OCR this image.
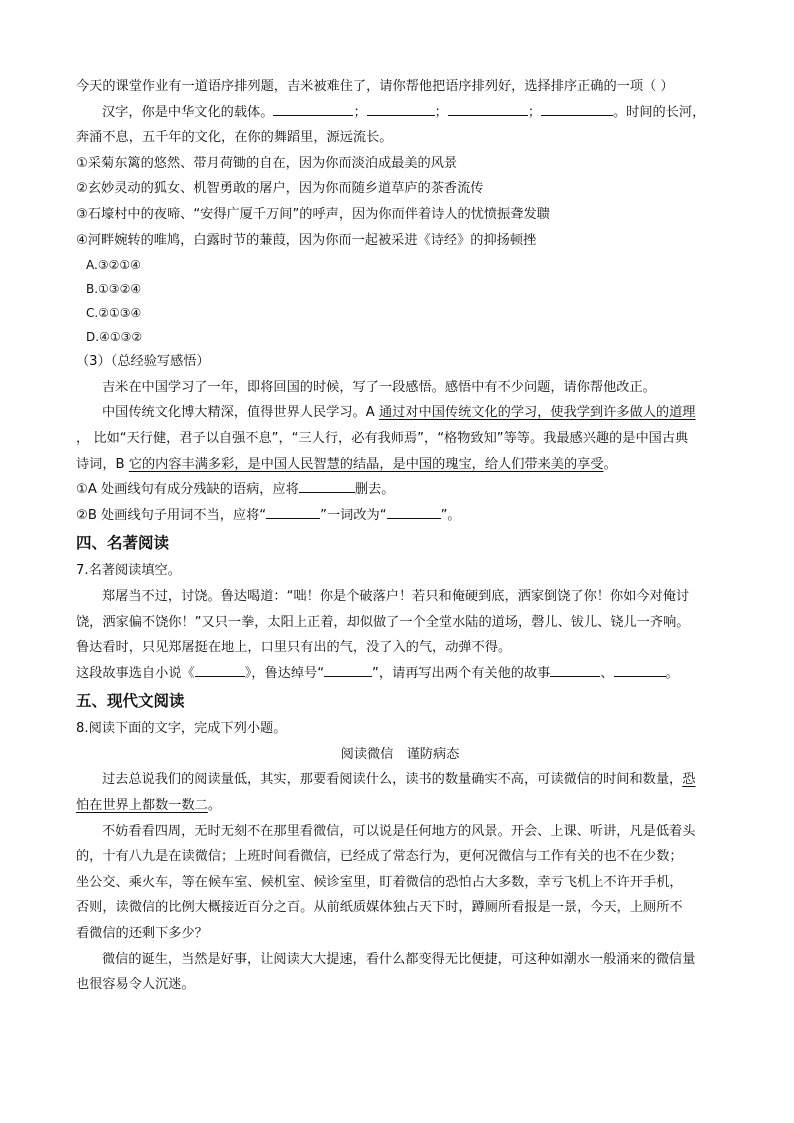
今天的课堂作业有一道语序排列题，吉米被难住了，请你帮他把语序排列好，选择排序正确的一项（ ）

汉字，你是中华文化的载体。	；	；	；	。时间的长河，

奔涌不息，五千年的文化，在你的舞蹈里，源远流长。

①采菊东篱的悠然、带月荷锄的自在，因为你而淡泊成最美的风景

②玄妙灵动的狐女、机智勇敢的屠户，因为你而随乡道草庐的茶香流传

③石壕村中的夜啼、“安得广厦千万间”的呼声，因为你而伴着诗人的忧愤振聋发聩

④河畔婉转的唯鸠，白露时节的蒹葭，因为你而一起被采进《诗经》的抑扬顿挫

A.③②①④

B.①③②④

C.②①③④

D.④①③②

（3）（总经验写感悟）

吉米在中国学习了一年，即将回国的时候，写了一段感悟。感悟中有不少问题，请你帮他改正。

中国传统文化博大精深，值得世界人民学习。A 通过对中国传统文化的学习，使我学到许多做人的道理

， 比如“天行健，君子以自强不息”，“三人行，必有我师焉”，“格物致知”等等。我最感兴趣的是中国古典

诗词，B 它的内容丰满多彩，是中国人民智慧的结晶，是中国的瑰宝，给人们带来美的享受。

①A 处画线句有成分残缺的语病，应将	删去。

②B 处画线句子用词不当，应将“	”一词改为“	”。

四、名著阅读

7.名著阅读填空。

郑屠当不过，讨饶。鲁达喝道：“咄！你是个破落户！若只和俺硬到底，洒家倒饶了你！你如今对俺讨

饶，洒家偏不饶你！”又只一拳，太阳上正着，却似做了一个全堂水陆的道场，磬儿、钹儿、铙儿一齐响。

鲁达看时，只见郑屠挺在地上，口里只有出的气，没了入的气，动弹不得。

这段故事选自小说《	》，鲁达绰号“	”，请再写出两个有关他的故事	、	。

五、现代文阅读

8.阅读下面的文字，完成下列小题。

阅读微信　谨防病态

过去总说我们的阅读量低，其实，那要看阅读什么，读书的数量确实不高，可读微信的时间和数量，恐

怕在世界上都数一数二。

不妨看看四周，无时无刻不在那里看微信，可以说是任何地方的风景。开会、上课、听讲，凡是低着头

的，十有八九是在读微信；上班时间看微信，已经成了常态行为，更何况微信与工作有关的也不在少数；

坐公交、乘火车，等在候车室、候机室、候诊室里，盯着微信的恐怕占大多数，幸亏飞机上不许开手机，

否则，读微信的比例大概接近百分之百。从前纸质媒体独占天下时，蹲厕所看报是一景，今天，上厕所不

看微信的还剩下多少？

微信的诞生，当然是好事，让阅读大大提速，看什么都变得无比便捷，可这种如潮水一般涌来的微信量

也很容易令人沉迷。
